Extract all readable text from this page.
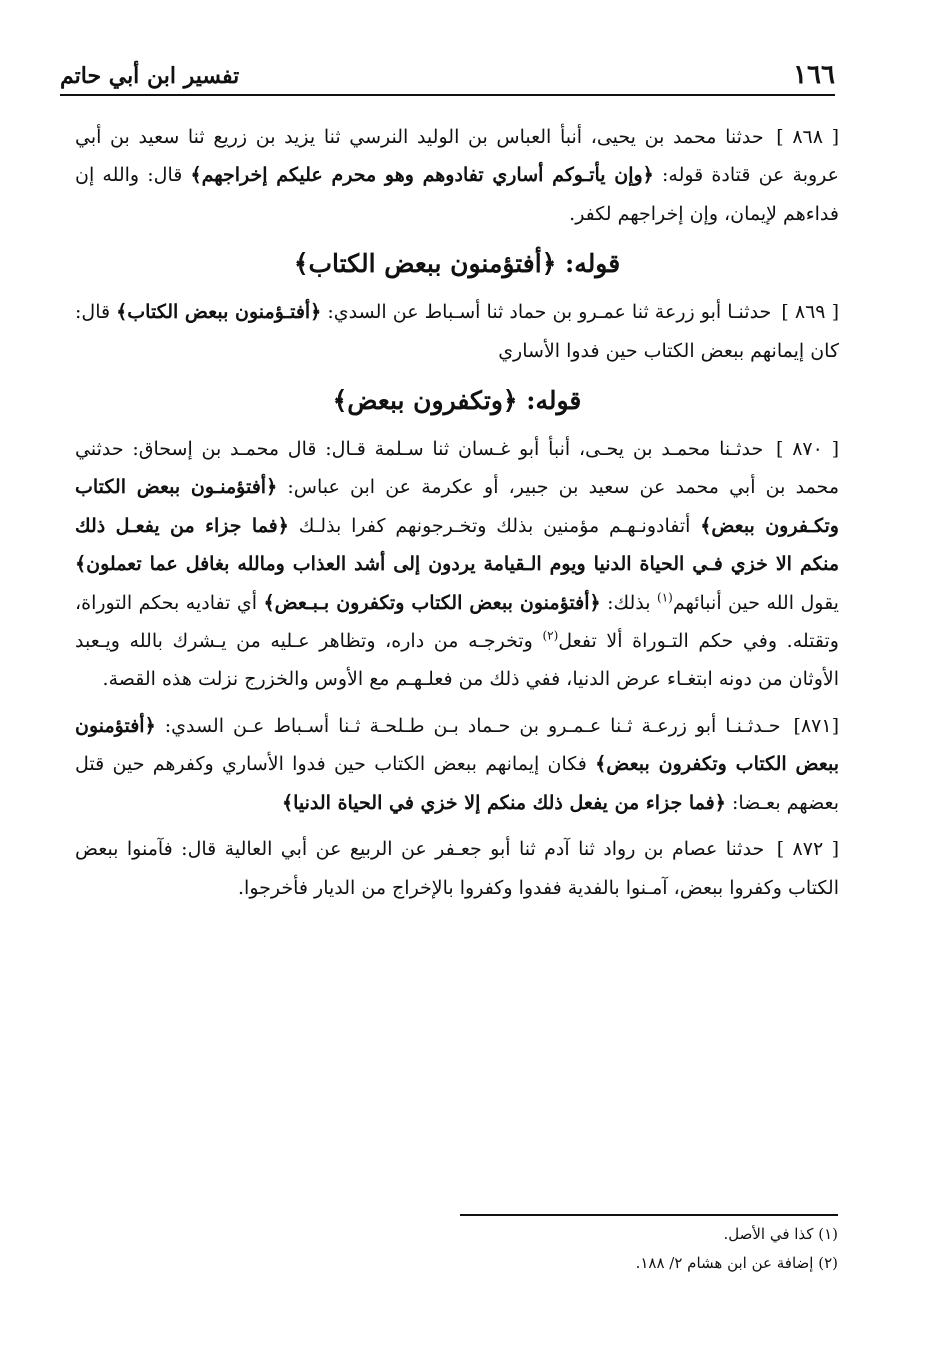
١٦٦
تفسير ابن أبي حاتم

[ ٨٦٨ ] حدثنا محمد بن يحيى، أنبأ العباس بن الوليد النرسي ثنا يزيد بن زريع ثنا سعيد بن أبي عروبة عن قتادة قوله: ﴿وإن يأتـوكم أساري تفادوهم وهو محرم عليكم إخراجهم﴾ قال: والله إن فداءهم لإيمان، وإن إخراجهم لكفر.

قوله: ﴿أفتؤمنون ببعض الكتاب﴾

[ ٨٦٩ ] حدثنـا أبو زرعة ثنا عمـرو بن حماد ثنا أسـباط عن السدي: ﴿أفتـؤمنون ببعض الكتاب﴾ قال: كان إيمانهم ببعض الكتاب حين فدوا الأساري

قوله: ﴿وتكفرون ببعض﴾

[ ٨٧٠ ] حدثـنا محمـد بن يحـى، أنبأ أبو غـسان ثنا سـلمة قـال: قال محمـد بن إسحاق: حدثني محمد بن أبي محمد عن سعيد بن جبير، أو عكرمة عن ابن عباس: ﴿أفتؤمنـون ببعض الكتاب وتكـفرون ببعض﴾ أتفادونـهـم مؤمنين بذلك وتخـرجونهم كفرا بذلـك ﴿فما جزاء من يفعـل ذلك منكم الا خزي فـي الحياة الدنيا ويوم الـقيامة يردون إلى أشد العذاب ومالله بغافل عما تعملون﴾ يقول الله حين أنبائهم$^{(١)}$ بذلك: ﴿أفتؤمنون ببعض الكتاب وتكفرون بـبـعض﴾ أي تفاديه بحكم التوراة، وتقتله. وفي حكم التـوراة ألا تفعل$^{(٢)}$ وتخرجـه من داره، وتظاهر عـليه من يـشرك بالله ويـعبد الأوثان من دونه ابتغـاء عرض الدنيا، ففي ذلك من فعلـهـم مع الأوس والخزرج نزلت هذه القصة.

[٨٧١] حـدثـنـا أبو زرعـة ثـنا عـمـرو بن حـماد بـن طـلحـة ثـنا أسـباط عـن السدي: ﴿أفتؤمنون ببعض الكتاب وتكفرون ببعض﴾ فكان إيمانهم ببعض الكتاب حين فدوا الأساري وكفرهم حين قتل بعضهم بعـضا: ﴿فما جزاء من يفعل ذلك منكم إلا خزي في الحياة الدنيا﴾

[ ٨٧٢ ] حدثنا عصام بن رواد ثنا آدم ثنا أبو جعـفر عن الربيع عن أبي العالية قال: فآمنوا ببعض الكتاب وكفروا ببعض، آمـنوا بالفدية ففدوا وكفروا بالإخراج من الديار فأخرجوا.

(١) كذا في الأصل.

(٢) إضافة عن ابن هشام ٢/ ١٨٨.
